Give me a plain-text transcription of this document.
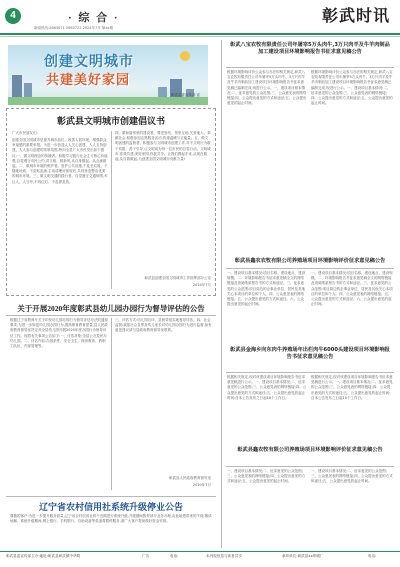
4	· 综 合 ·	彰武时讯
新闻热线:2663071 0963722 2024年7月 第xx期
创建文明城市
共建美好家园
彰武县委宣传部 宣
彰武县文明城市创建倡议书
广大市民朋友们:
创建全国文明城市是提升城市品位、改善人居环境、增强群众幸福感的重要举措。为进一步营造人人关心创建、人人支持创建、人人参与创建的浓厚氛围,特向全县广大市民发出如下倡议:一、做文明理念的传播者。积极学习践行社会主义核心价值观,自觉遵守市民公约,讲文明、树新风,从自身做起、从点滴做起。二、做城市环境的维护者。爱护公共设施,不乱丢垃圾、不随地吐痰、不乱贴乱画,主动清理房前屋后,共同营造整洁优美的城市环境。三、做文明交通的践行者。自觉遵守交通规则,车让人、人守序,不闯红灯、不乱停乱放。
四、做和谐邻里的建设者。尊老爱幼、邻里互助,关爱他人、奉献社会,积极参加志愿服务活动,传递温暖与正能量。五、做文明创建的监督者。积极参与文明城市创建工作,对不文明行为敢于劝阻、善于引导,让文明成为每一位市民的自觉行动。文明城市,你我共建;美好家园,你我共享。让我们携起手来,从现在做起,从自我做起,为创建全国文明城市贡献力量!
彰武县创建全国文明城市工作指挥部办公室
2024年7月
关于开展2020年度彰武县幼儿园办园行为督导评估的公告
根据辽宁省教育厅关于印发幼儿园办园行为督导评估办法的通知要求,为进一步规范幼儿园办园行为,提高保育教育质量,县人民政府教育督导室决定对全县幼儿园开展2020年度办园行为督导评估工作。现将有关事项公告如下:一、评估对象:全县公办及民办幼儿园。二、评估内容:办园条件、安全卫生、保育教育、教职工队伍、内部管理等。
三、评估方式:幼儿园自评、县督导组实地督导评估。四、社会监督:欢迎社会各界及幼儿家长对幼儿园办园行为进行监督,如有意见建议请与县政府教育督导室联系。
彰武县人民政府教育督导室
2020年7月
辽宁省农村信用社系统升级停业公告
尊敬的客户:为进一步提升服务质量,辽宁省农村信用社将于近期进行系统升级,升级期间暂停部分业务办理,由此给您带来的不便,敬请谅解。系统升级期间,网上银行、手机银行、自助设备等渠道将暂停服务,请广大客户提前做好资金安排。
彰武八宝农牧有限责任公司年屠宰5万头肉牛,3万只肉羊及牛羊肉制品加工建设项目环境影响报告书征求意见稿公告
根据环境影响评价公众参与办法的相关规定,彰武八宝农牧有限责任公司年屠宰5万头肉牛、3万只肉羊及牛羊肉制品加工建设项目环境影响报告书征求意见稿已编制完成,现进行公示。一、建设项目基本情况;二、征求意见的公众范围;三、公众意见表的网络链接;四、公众提出意见的方式和途径;五、公众提出意见的起止时间。
根据环境影响评价公众参与办法的相关规定,彰武八宝农牧有限责任公司年屠宰5万头肉牛、3万只肉羊及牛羊肉制品加工建设项目环境影响报告书征求意见稿已编制完成,现进行公示。一、建设项目基本情况;二、征求意见的公众范围;三、公众意见表的网络链接;四、公众提出意见的方式和途径;五、公众提出意见的起止时间。
彰武县鑫农农牧有限公司养殖场项目环境影响评价征求意见稿公告
一、建设项目基本情况:项目名称、建设地点、建设规模。二、环境影响报告书征求意见稿全文的网络链接及查阅纸质报告书的方式和途径。三、征求意见的公众范围:项目周边的企事业单位、居民及其他关心本项目的单位和个人。四、公众意见表的网络链接。五、公众提出意见的方式和途径。六、公众提出意见的起止时间。
一、建设项目基本情况:项目名称、建设地点、建设规模。二、环境影响报告书征求意见稿全文的网络链接及查阅纸质报告书的方式和途径。三、征求意见的公众范围:项目周边的企事业单位、居民及其他关心本项目的单位和个人。四、公众意见表的网络链接。五、公众提出意见的方式和途径。六、公众提出意见的起止时间。
彰武县金海乡向东肉牛养殖场年出栏肉牛6000头建设项目环境影响报告书征求意见稿公告
根据相关规定,现对该建设项目环境影响报告书征求意见稿进行公示。一、建设项目基本情况;二、征求意见的公众范围;三、公众意见表的网络链接;四、公众提出意见的方式和途径;五、公众提出意见的起止时间:自本公告发布之日起10个工作日。
根据相关规定,现对该建设项目环境影响报告书征求意见稿进行公示。一、建设项目基本情况;二、征求意见的公众范围;三、公众意见表的网络链接;四、公众提出意见的方式和途径;五、公众提出意见的起止时间:自本公告发布之日起10个工作日。
彰武县鑫农牧有限公司养殖场项目环境影响评价征求意见稿公告
一、建设项目基本情况;二、征求意见的公众范围;三、公众意见表的网络链接;四、公众提出意见的方式和途径;五、公众提出意见的起止时间。
一、建设项目基本情况;二、征求意见的公众范围;三、公众意见表的网络链接;四、公众提出意见的方式和途径;五、公众提出意见的起止时间。
彰武县委宣传部主办·地址:彰武县彰武镇中华路	广告	电话:	本刊视信息与读者共享	承印单位:彰武县xx印刷厂	电话:
